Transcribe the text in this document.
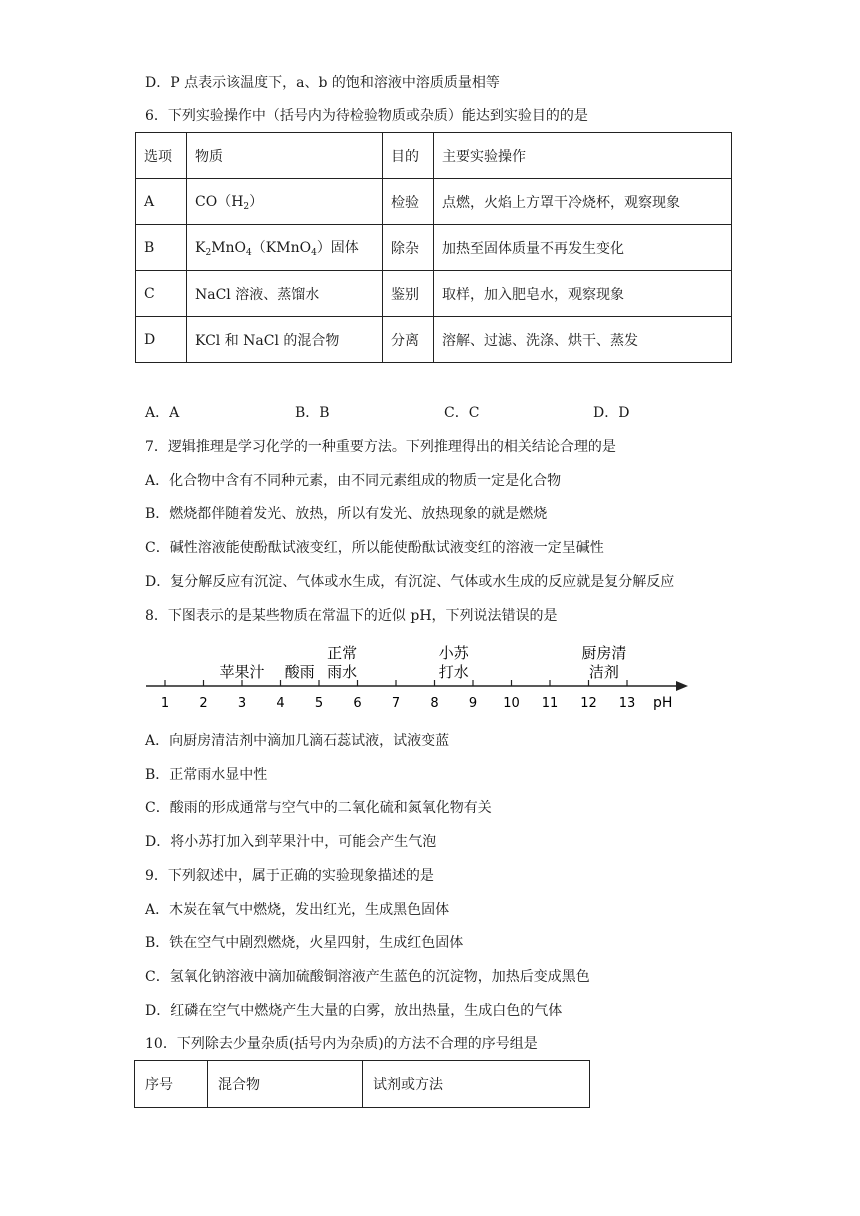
D．P 点表示该温度下，a、b 的饱和溶液中溶质质量相等
6．下列实验操作中（括号内为待检验物质或杂质）能达到实验目的的是
选项	物质	目的	主要实验操作
A	$CO(H_2)$	检验	点燃，火焰上方罩干冷烧杯，观察现象
B	$K_2MnO_4(KMnO_4)$固体	除杂	加热至固体质量不再发生变化
C	NaCl 溶液、蒸馏水	鉴别	取样，加入肥皂水，观察现象
D	KCl 和 NaCl 的混合物	分离	溶解、过滤、洗涤、烘干、蒸发
A．A	B．B	C．C	D．D
7．逻辑推理是学习化学的一种重要方法。下列推理得出的相关结论合理的是
A．化合物中含有不同种元素，由不同元素组成的物质一定是化合物
B．燃烧都伴随着发光、放热，所以有发光、放热现象的就是燃烧
C．碱性溶液能使酚酞试液变红，所以能使酚酞试液变红的溶液一定呈碱性
D．复分解反应有沉淀、气体或水生成，有沉淀、气体或水生成的反应就是复分解反应
8．下图表示的是某些物质在常温下的近似 pH，下列说法错误的是
1 2 3 4 5 6 7 8 9 10 11 12 13
苹果汁 酸雨
正常
雨水
小苏
打水
厨房清
洁剂
pH
A．向厨房清洁剂中滴加几滴石蕊试液，试液变蓝
B．正常雨水显中性
C．酸雨的形成通常与空气中的二氧化硫和氮氧化物有关
D．将小苏打加入到苹果汁中，可能会产生气泡
9．下列叙述中，属于正确的实验现象描述的是
A．木炭在氧气中燃烧，发出红光，生成黑色固体
B．铁在空气中剧烈燃烧，火星四射，生成红色固体
C．氢氧化钠溶液中滴加硫酸铜溶液产生蓝色的沉淀物，加热后变成黑色
D．红磷在空气中燃烧产生大量的白雾，放出热量，生成白色的气体
10．下列除去少量杂质(括号内为杂质)的方法不合理的序号组是
序号	混合物	试剂或方法
